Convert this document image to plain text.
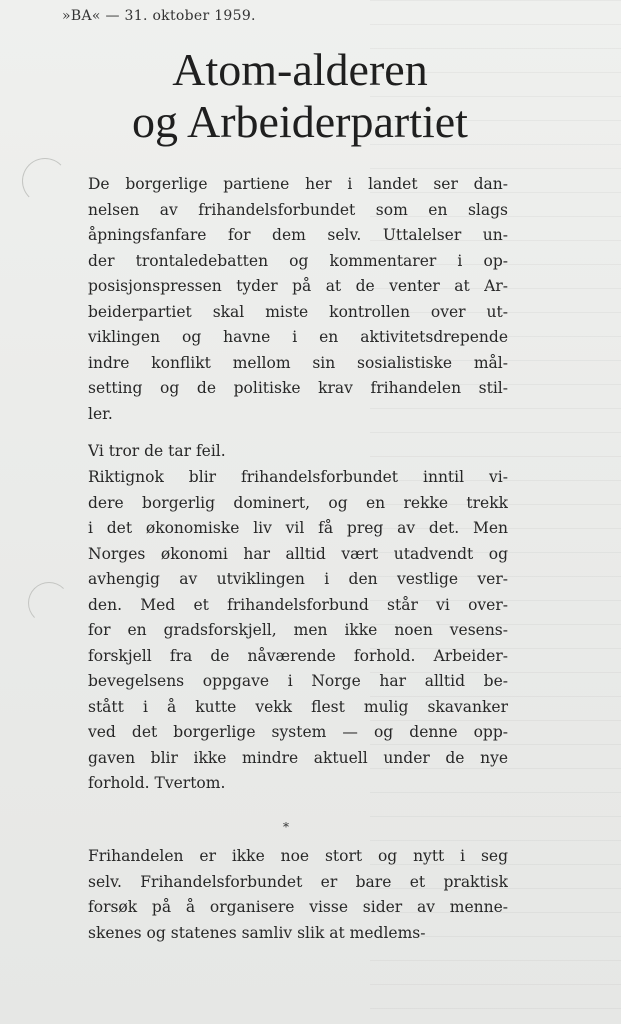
»BA« — 31. oktober 1959.
Atom-alderen
og Arbeiderpartiet
De borgerlige partiene her i landet ser dan-
nelsen av frihandelsforbundet som en slags
åpningsfanfare for dem selv. Uttalelser un-
der trontaledebatten og kommentarer i op-
posisjonspressen tyder på at de venter at Ar-
beiderpartiet skal miste kontrollen over ut-
viklingen og havne i en aktivitetsdrepende
indre konflikt mellom sin sosialistiske mål-
setting og de politiske krav frihandelen stil-
ler.
Vi tror de tar feil.
Riktignok blir frihandelsforbundet inntil vi-
dere borgerlig dominert, og en rekke trekk
i det økonomiske liv vil få preg av det. Men
Norges økonomi har alltid vært utadvendt og
avhengig av utviklingen i den vestlige ver-
den. Med et frihandelsforbund står vi over-
for en gradsforskjell, men ikke noen vesens-
forskjell fra de nåværende forhold. Arbeider-
bevegelsens oppgave i Norge har alltid be-
stått i å kutte vekk flest mulig skavanker
ved det borgerlige system — og denne opp-
gaven blir ikke mindre aktuell under de nye
forhold. Tvertom.
*
Frihandelen er ikke noe stort og nytt i seg
selv. Frihandelsforbundet er bare et praktisk
forsøk på å organisere visse sider av menne-
skenes og statenes samliv slik at medlems-
